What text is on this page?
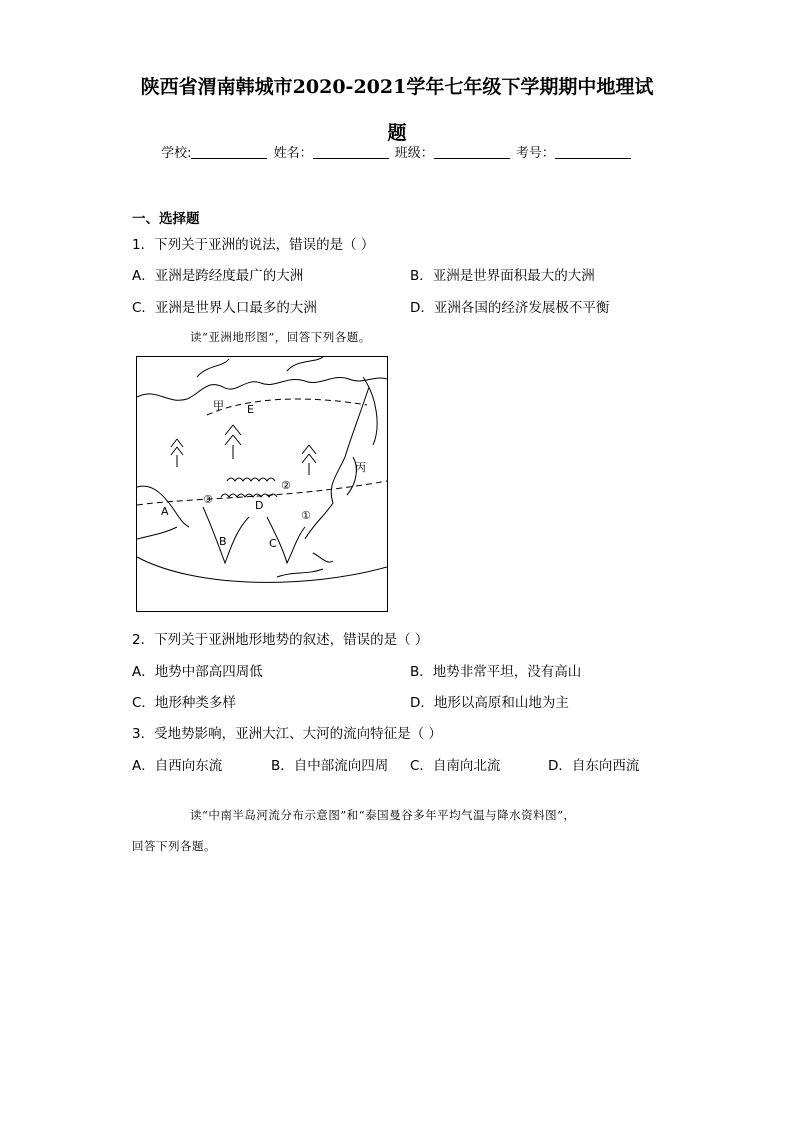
陕西省渭南韩城市2020-2021学年七年级下学期期中地理试
题
学校:	姓名：	班级：	考号：
一、选择题
1．下列关于亚洲的说法，错误的是（ ）
A．亚洲是跨经度最广的大洲	B．亚洲是世界面积最大的大洲
C．亚洲是世界人口最多的大洲	D．亚洲各国的经济发展极不平衡
读“亚洲地形图”，回答下列各题。
甲 E
丙
A
B	C
D
①
②
③
2．下列关于亚洲地形地势的叙述，错误的是（ ）
A．地势中部高四周低	B．地势非常平坦，没有高山
C．地形种类多样	D．地形以高原和山地为主
3．受地势影响，亚洲大江、大河的流向特征是（ ）
A．自西向东流	B．自中部流向四周 C．自南向北流	D．自东向西流
读“中南半岛河流分布示意图”和“泰国曼谷多年平均气温与降水资料图”，
回答下列各题。
